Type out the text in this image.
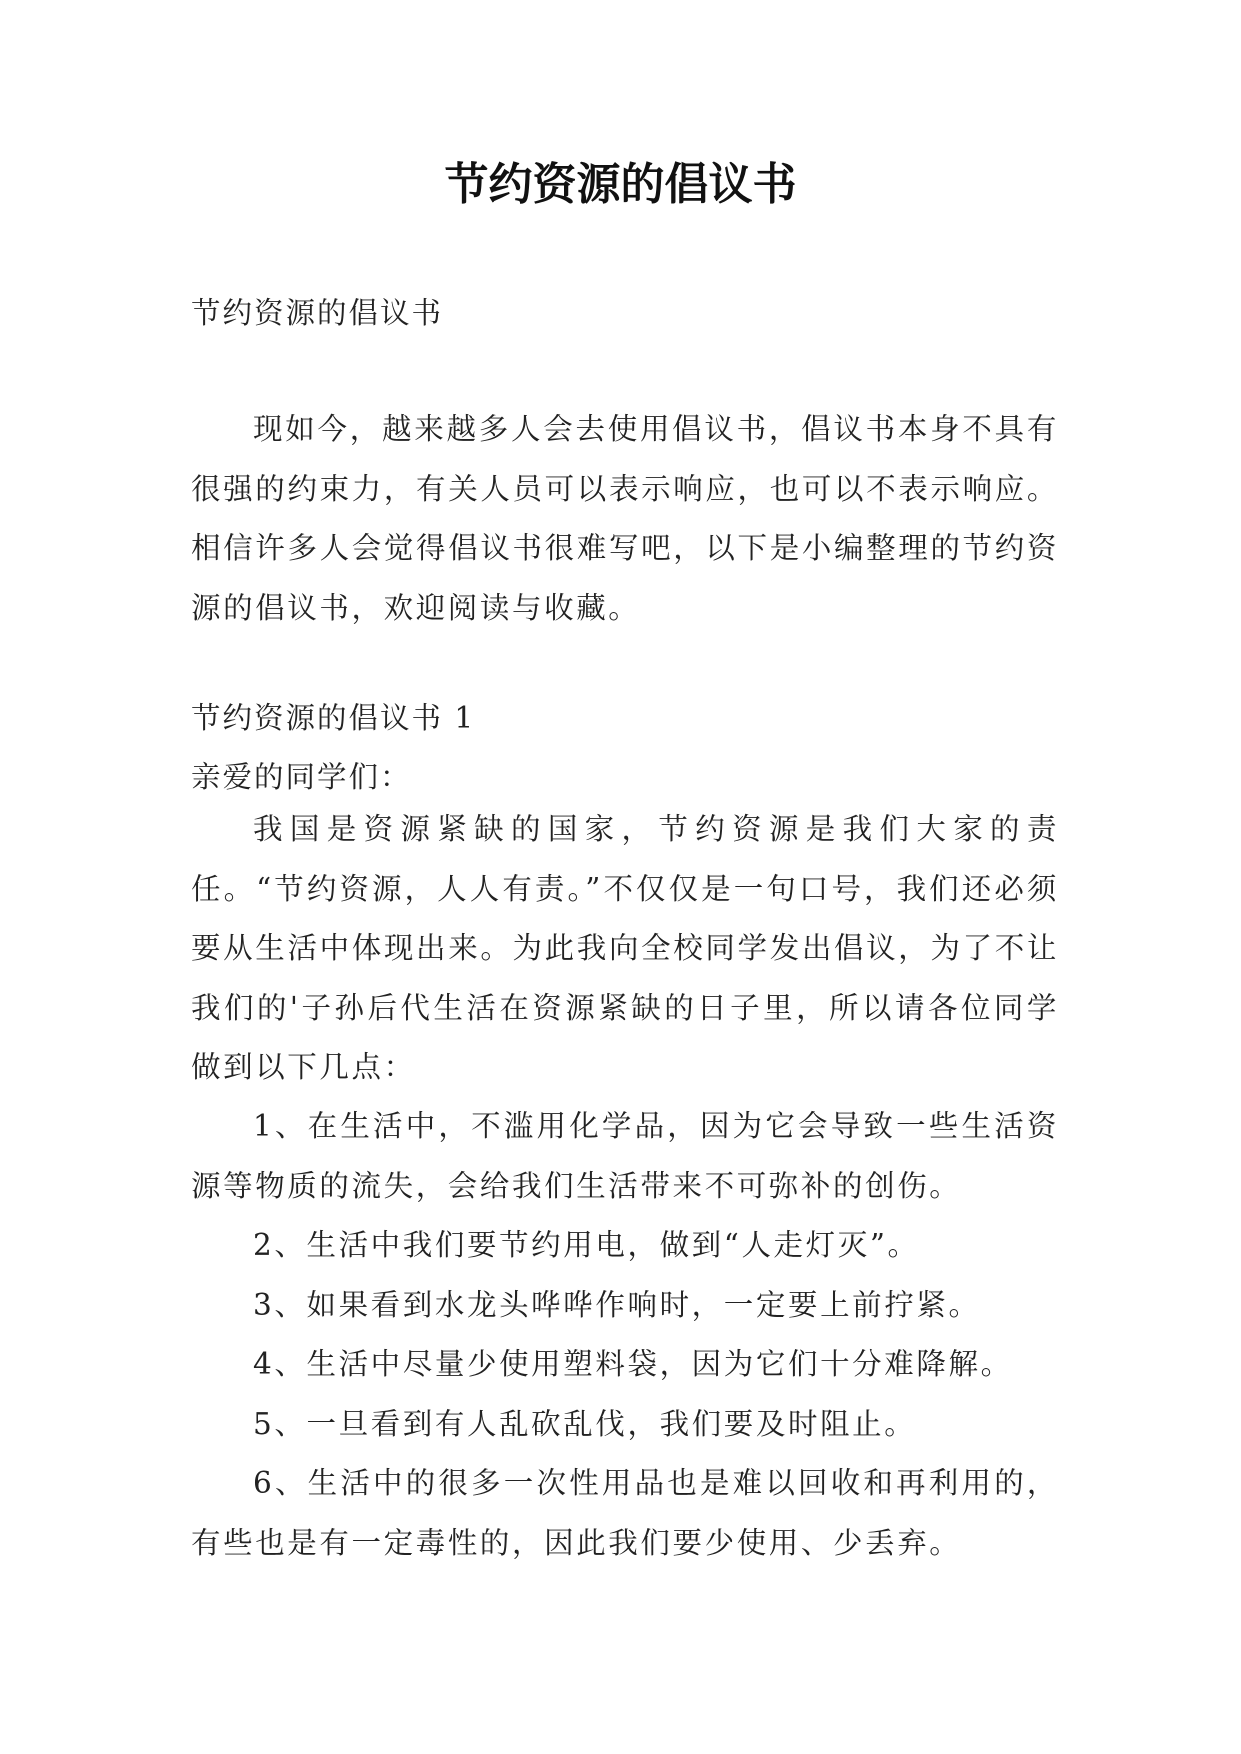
节约资源的倡议书
节约资源的倡议书

现如今，越来越多人会去使用倡议书，倡议书本身不具有很强的约束力，有关人员可以表示响应，也可以不表示响应。相信许多人会觉得倡议书很难写吧，以下是小编整理的节约资源的倡议书，欢迎阅读与收藏。

节约资源的倡议书 1
亲爱的同学们：

我国是资源紧缺的国家，节约资源是我们大家的责任。“节约资源，人人有责。”不仅仅是一句口号，我们还必须要从生活中体现出来。为此我向全校同学发出倡议，为了不让我们的'子孙后代生活在资源紧缺的日子里，所以请各位同学做到以下几点：

1、在生活中，不滥用化学品，因为它会导致一些生活资源等物质的流失，会给我们生活带来不可弥补的创伤。

2、生活中我们要节约用电，做到“人走灯灭”。

3、如果看到水龙头哗哗作响时，一定要上前拧紧。

4、生活中尽量少使用塑料袋，因为它们十分难降解。

5、一旦看到有人乱砍乱伐，我们要及时阻止。

6、生活中的很多一次性用品也是难以回收和再利用的，有些也是有一定毒性的，因此我们要少使用、少丢弃。
